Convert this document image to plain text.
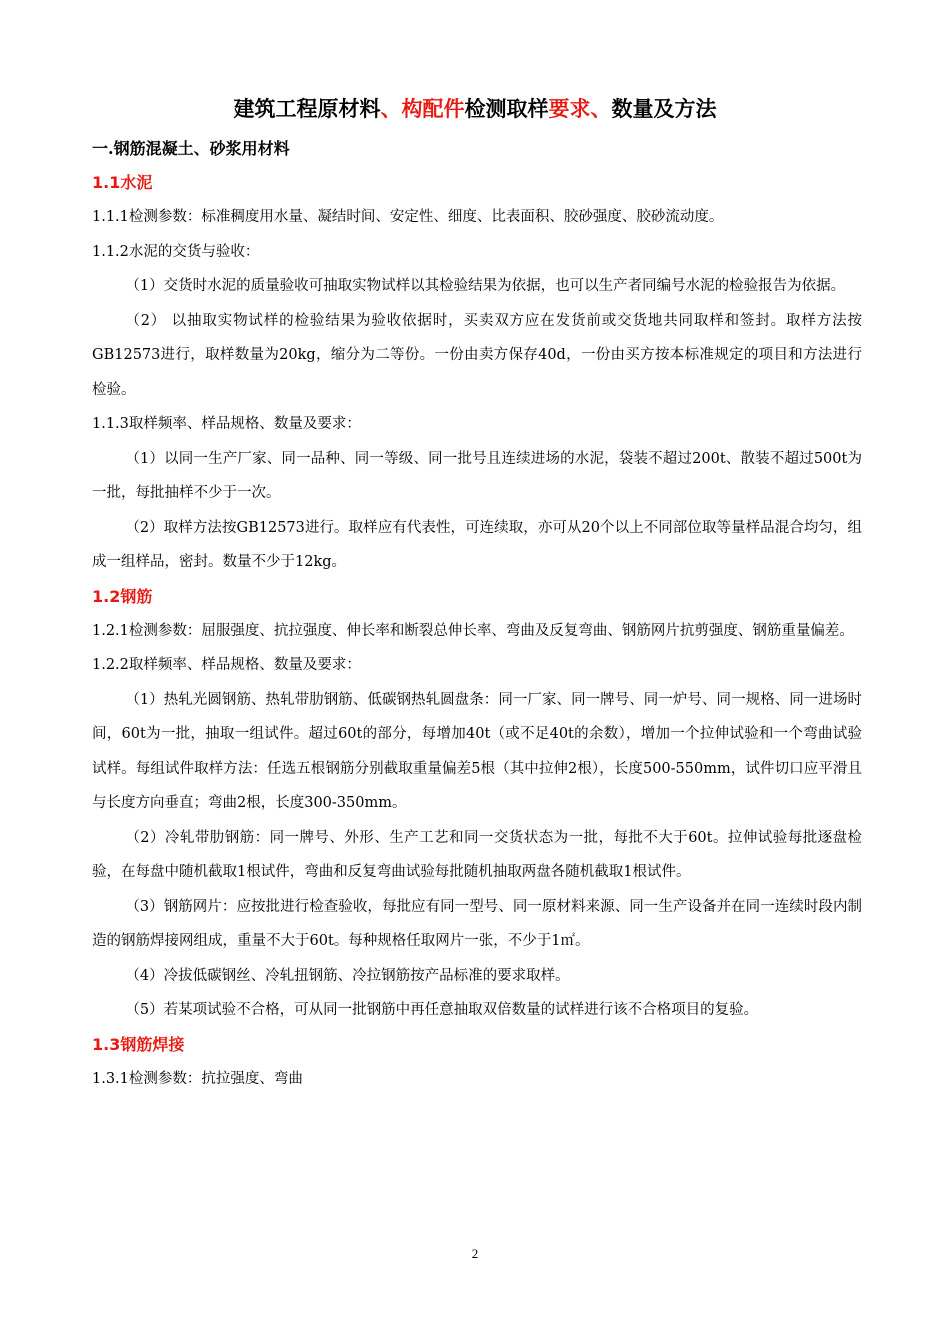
建筑工程原材料、构配件检测取样要求、数量及方法
一.钢筋混凝土、砂浆用材料
1.1水泥

1.1.1检测参数：标准稠度用水量、凝结时间、安定性、细度、比表面积、胶砂强度、胶砂流动度。

1.1.2水泥的交货与验收：

（1）交货时水泥的质量验收可抽取实物试样以其检验结果为依据，也可以生产者同编号水泥的检验报告为依据。

（2） 以抽取实物试样的检验结果为验收依据时，买卖双方应在发货前或交货地共同取样和签封。取样方法按GB12573进行，取样数量为20kg，缩分为二等份。一份由卖方保存40d，一份由买方按本标准规定的项目和方法进行检验。

1.1.3取样频率、样品规格、数量及要求：

（1）以同一生产厂家、同一品种、同一等级、同一批号且连续进场的水泥，袋装不超过200t、散装不超过500t为一批，每批抽样不少于一次。

（2）取样方法按GB12573进行。取样应有代表性，可连续取，亦可从20个以上不同部位取等量样品混合均匀，组成一组样品，密封。数量不少于12kg。

1.2钢筋

1.2.1检测参数：屈服强度、抗拉强度、伸长率和断裂总伸长率、弯曲及反复弯曲、钢筋网片抗剪强度、钢筋重量偏差。

1.2.2取样频率、样品规格、数量及要求：

（1）热轧光圆钢筋、热轧带肋钢筋、低碳钢热轧圆盘条：同一厂家、同一牌号、同一炉号、同一规格、同一进场时间，60t为一批，抽取一组试件。超过60t的部分，每增加40t（或不足40t的余数），增加一个拉伸试验和一个弯曲试验试样。每组试件取样方法：任选五根钢筋分别截取重量偏差5根（其中拉伸2根），长度500-550mm，试件切口应平滑且与长度方向垂直；弯曲2根，长度300-350mm。

（2）冷轧带肋钢筋：同一牌号、外形、生产工艺和同一交货状态为一批，每批不大于60t。拉伸试验每批逐盘检验，在每盘中随机截取1根试件，弯曲和反复弯曲试验每批随机抽取两盘各随机截取1根试件。

（3）钢筋网片：应按批进行检查验收，每批应有同一型号、同一原材料来源、同一生产设备并在同一连续时段内制造的钢筋焊接网组成，重量不大于60t。每种规格任取网片一张，不少于1㎡。

（4）冷拔低碳钢丝、冷轧扭钢筋、冷拉钢筋按产品标准的要求取样。

（5）若某项试验不合格，可从同一批钢筋中再任意抽取双倍数量的试样进行该不合格项目的复验。

1.3钢筋焊接

1.3.1检测参数：抗拉强度、弯曲

2
